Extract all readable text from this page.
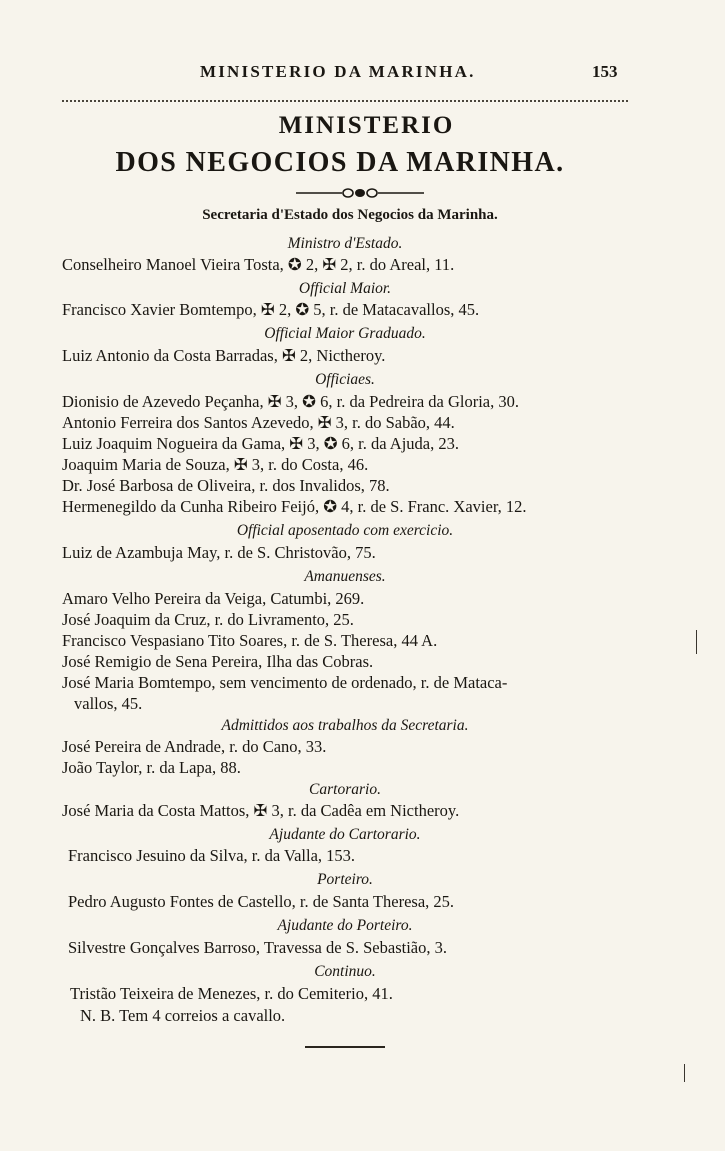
MINISTERIO DA MARINHA.	153
MINISTERIO
DOS NEGOCIOS DA MARINHA.
Secretaria d'Estado dos Negocios da Marinha.
Ministro d'Estado.
Conselheiro Manoel Vieira Tosta, ✪ 2, ✠ 2, r. do Areal, 11.
Official Maior.
Francisco Xavier Bomtempo, ✠ 2, ✪ 5, r. de Matacavallos, 45.
Official Maior Graduado.
Luiz Antonio da Costa Barradas, ✠ 2, Nictheroy.
Officiaes.
Dionisio de Azevedo Peçanha, ✠ 3, ✪ 6, r. da Pedreira da Gloria, 30.
Antonio Ferreira dos Santos Azevedo, ✠ 3, r. do Sabão, 44.
Luiz Joaquim Nogueira da Gama, ✠ 3, ✪ 6, r. da Ajuda, 23.
Joaquim Maria de Souza, ✠ 3, r. do Costa, 46.
Dr. José Barbosa de Oliveira, r. dos Invalidos, 78.
Hermenegildo da Cunha Ribeiro Feijó, ✪ 4, r. de S. Franc. Xavier, 12.
Official aposentado com exercicio.
Luiz de Azambuja May, r. de S. Christovão, 75.
Amanuenses.
Amaro Velho Pereira da Veiga, Catumbi, 269.
José Joaquim da Cruz, r. do Livramento, 25.
Francisco Vespasiano Tito Soares, r. de S. Theresa, 44 A.
José Remigio de Sena Pereira, Ilha das Cobras.
José Maria Bomtempo, sem vencimento de ordenado, r. de Mataca-
vallos, 45.
Admittidos aos trabalhos da Secretaria.
José Pereira de Andrade, r. do Cano, 33.
João Taylor, r. da Lapa, 88.
Cartorario.
José Maria da Costa Mattos, ✠ 3, r. da Cadêa em Nictheroy.
Ajudante do Cartorario.
Francisco Jesuino da Silva, r. da Valla, 153.
Porteiro.
Pedro Augusto Fontes de Castello, r. de Santa Theresa, 25.
Ajudante do Porteiro.
Silvestre Gonçalves Barroso, Travessa de S. Sebastião, 3.
Continuo.
Tristão Teixeira de Menezes, r. do Cemiterio, 41.
N. B. Tem 4 correios a cavallo.
